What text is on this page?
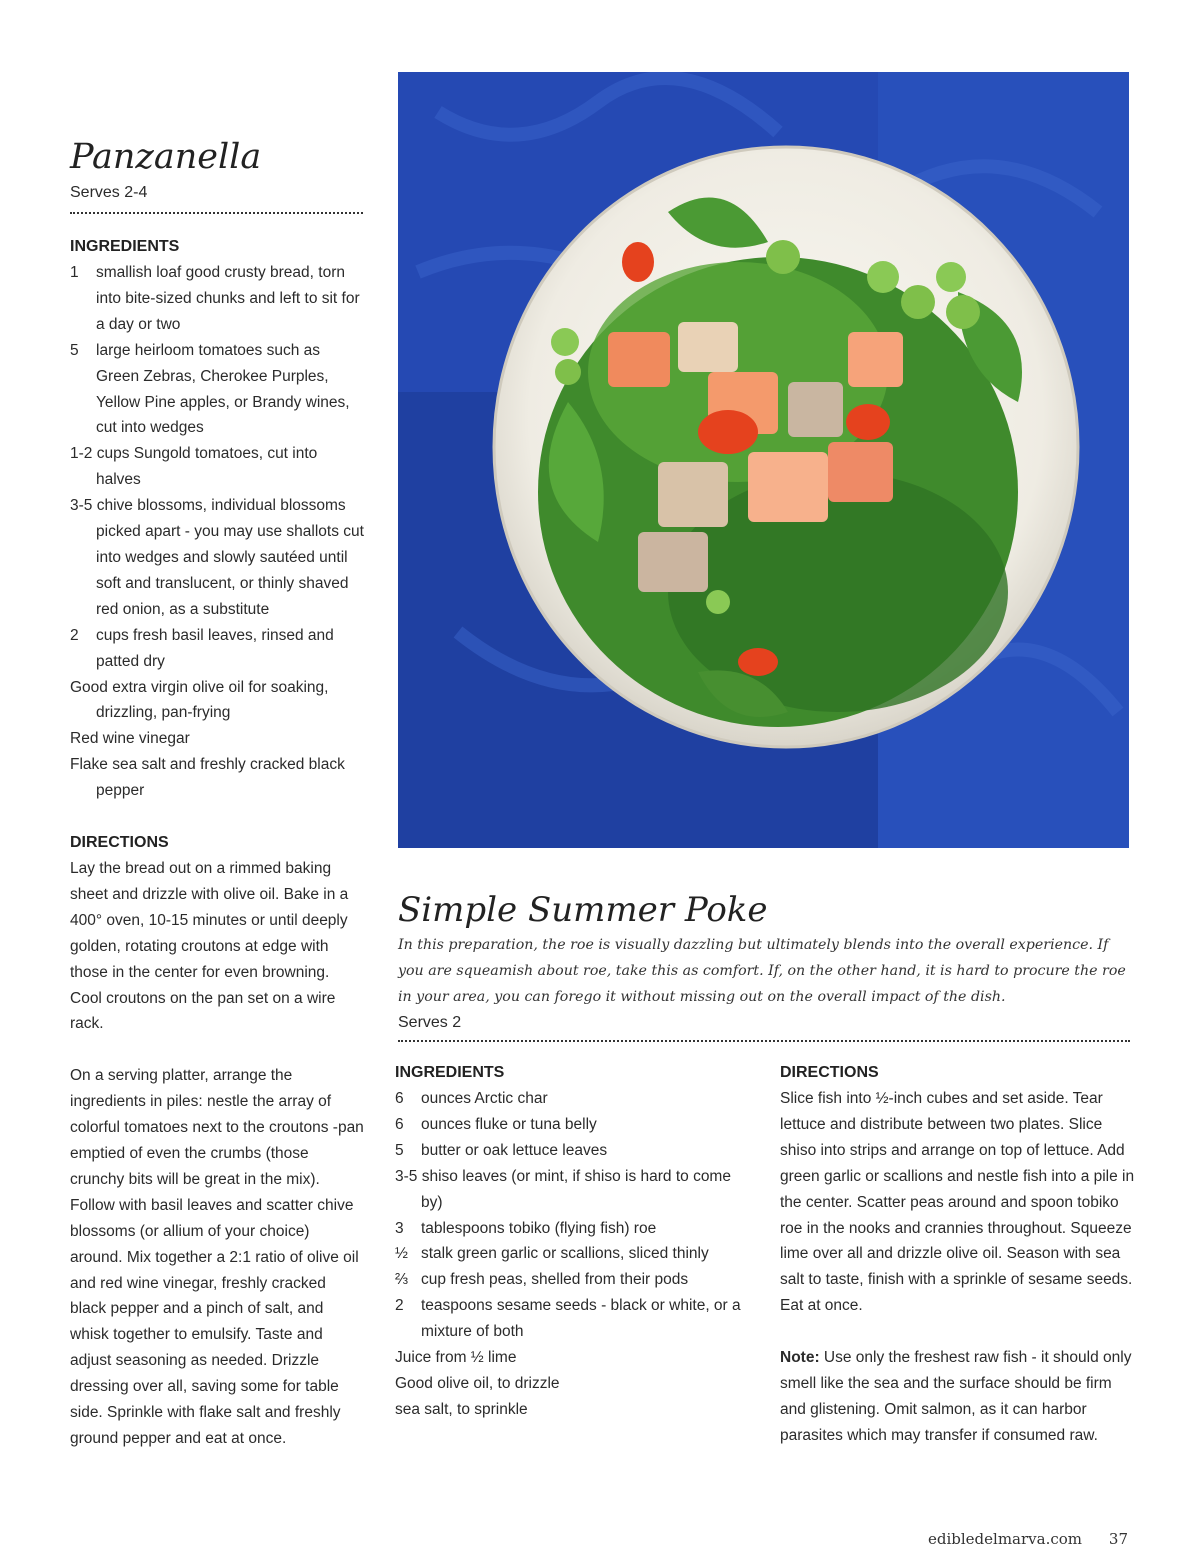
Panzanella
Serves 2-4
INGREDIENTS
1 smallish loaf good crusty bread, torn into bite-sized chunks and left to sit for a day or two
5 large heirloom tomatoes such as Green Zebras, Cherokee Purples, Yellow Pine apples, or Brandy wines, cut into wedges
1-2 cups Sungold tomatoes, cut into halves
3-5 chive blossoms, individual blossoms picked apart - you may use shallots cut into wedges and slowly sautéed until soft and translucent, or thinly shaved red onion, as a substitute
2 cups fresh basil leaves, rinsed and patted dry
Good extra virgin olive oil for soaking, drizzling, pan-frying
Red wine vinegar
Flake sea salt and freshly cracked black pepper
DIRECTIONS

Lay the bread out on a rimmed baking sheet and drizzle with olive oil. Bake in a 400° oven, 10-15 minutes or until deeply golden, rotating croutons at edge with those in the center for even browning. Cool croutons on the pan set on a wire rack.

On a serving platter, arrange the ingredients in piles: nestle the array of colorful tomatoes next to the croutons -pan emptied of even the crumbs (those crunchy bits will be great in the mix). Follow with basil leaves and scatter chive blossoms (or allium of your choice) around. Mix together a 2:1 ratio of olive oil and red wine vinegar, freshly cracked black pepper and a pinch of salt, and whisk together to emulsify. Taste and adjust seasoning as needed. Drizzle dressing over all, saving some for table side. Sprinkle with flake salt and freshly ground pepper and eat at once.

Simple Summer Poke

In this preparation, the roe is visually dazzling but ultimately blends into the overall experience. If you are squeamish about roe, take this as comfort. If, on the other hand, it is hard to procure the roe in your area, you can forego it without missing out on the overall impact of the dish.

Serves 2
INGREDIENTS
6 ounces Arctic char
6 ounces fluke or tuna belly
5 butter or oak lettuce leaves
3-5 shiso leaves (or mint, if shiso is hard to come by)
3 tablespoons tobiko (flying fish) roe
½ stalk green garlic or scallions, sliced thinly
⅔ cup fresh peas, shelled from their pods
2 teaspoons sesame seeds - black or white, or a mixture of both
Juice from ½ lime
Good olive oil, to drizzle
sea salt, to sprinkle
DIRECTIONS

Slice fish into ½-inch cubes and set aside. Tear lettuce and distribute between two plates. Slice shiso into strips and arrange on top of lettuce. Add green garlic or scallions and nestle fish into a pile in the center. Scatter peas around and spoon tobiko roe in the nooks and crannies throughout. Squeeze lime over all and drizzle olive oil. Season with sea salt to taste, finish with a sprinkle of sesame seeds. Eat at once.

Note: Use only the freshest raw fish - it should only smell like the sea and the surface should be firm and glistening. Omit salmon, as it can harbor parasites which may transfer if consumed raw.

edibledelmarva.com 37
